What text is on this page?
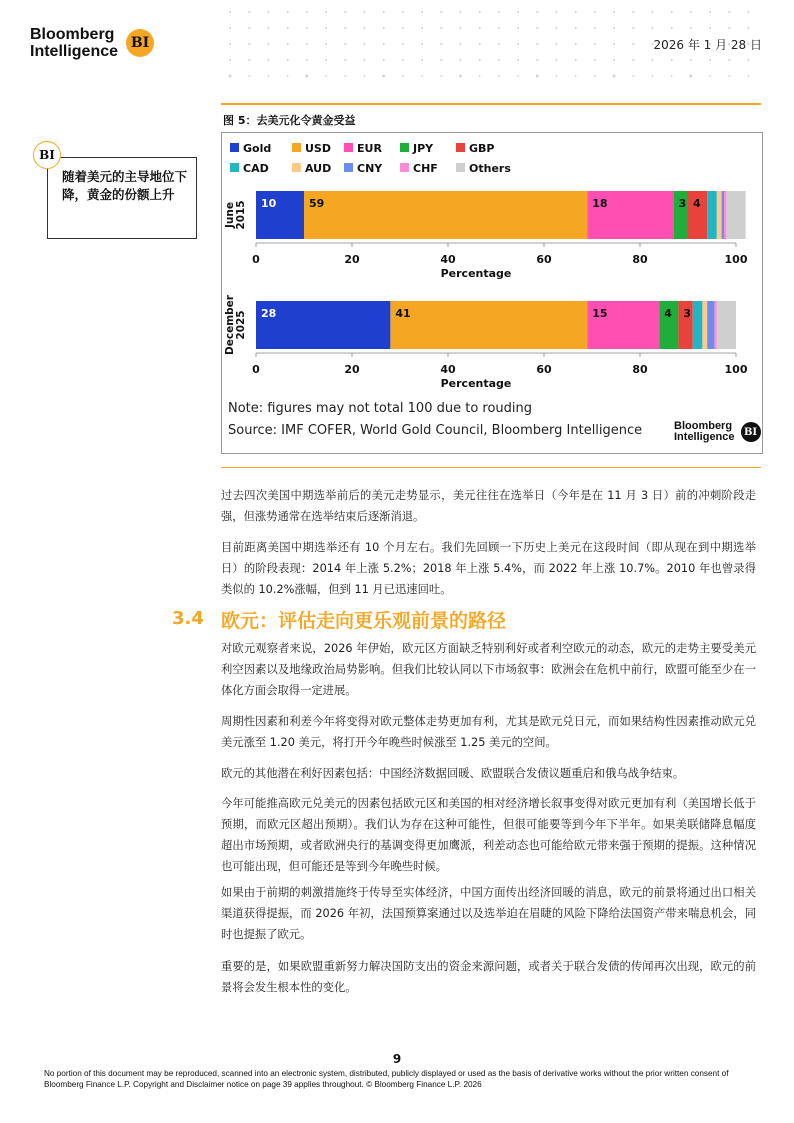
Bloomberg
Intelligence BI	2026 年 1 月 28 日
图 5：去美元化令黄金受益
BI
随着美元的主导地位下降，黄金的份额上升
Gold	USD EUR	JPY	GBP
CAD	AUD CNY	CHF	Others
June2015 10	59	18	3 4
0	20	40	60	80	100
Percentage
December2025 28	41	15	4 3
0	20	40	60	80	100
Percentage
Note: figures may not total 100 due to rouding
Source: IMF COFER, World Gold Council, Bloomberg Intelligence	Bloomberg
Intelligence BI
过去四次美国中期选举前后的美元走势显示，美元往往在选举日（今年是在 11 月 3 日）前的冲刺阶段走强，但涨势通常在选举结束后逐渐消退。
目前距离美国中期选举还有 10 个月左右。我们先回顾一下历史上美元在这段时间（即从现在到中期选举日）的阶段表现：2014 年上涨 5.2%；2018 年上涨 5.4%，而 2022 年上涨 10.7%。2010 年也曾录得类似的 10.2%涨幅，但到 11 月已迅速回吐。
3.4 欧元：评估走向更乐观前景的路径
对欧元观察者来说，2026 年伊始，欧元区方面缺乏特别利好或者利空欧元的动态，欧元的走势主要受美元利空因素以及地缘政治局势影响。但我们比较认同以下市场叙事：欧洲会在危机中前行，欧盟可能至少在一体化方面会取得一定进展。
周期性因素和利差今年将变得对欧元整体走势更加有利，尤其是欧元兑日元，而如果结构性因素推动欧元兑美元涨至 1.20 美元，将打开今年晚些时候涨至 1.25 美元的空间。
欧元的其他潜在利好因素包括：中国经济数据回暖、欧盟联合发债议题重启和俄乌战争结束。
今年可能推高欧元兑美元的因素包括欧元区和美国的相对经济增长叙事变得对欧元更加有利（美国增长低于预期，而欧元区超出预期）。我们认为存在这种可能性，但很可能要等到今年下半年。如果美联储降息幅度超出市场预期，或者欧洲央行的基调变得更加鹰派，利差动态也可能给欧元带来强于预期的提振。这种情况也可能出现，但可能还是等到今年晚些时候。
如果由于前期的刺激措施终于传导至实体经济，中国方面传出经济回暖的消息，欧元的前景将通过出口相关渠道获得提振，而 2026 年初，法国预算案通过以及选举迫在眉睫的风险下降给法国资产带来喘息机会，同时也提振了欧元。
重要的是，如果欧盟重新努力解决国防支出的资金来源问题，或者关于联合发债的传闻再次出现，欧元的前景将会发生根本性的变化。
9
No portion of this document may be reproduced, scanned into an electronic system, distributed, publicly displayed or used as the basis of derivative works without the prior written consent of Bloomberg Finance L.P. Copyright and Disclaimer notice on page 39 applies throughout. © Bloomberg Finance L.P. 2026
